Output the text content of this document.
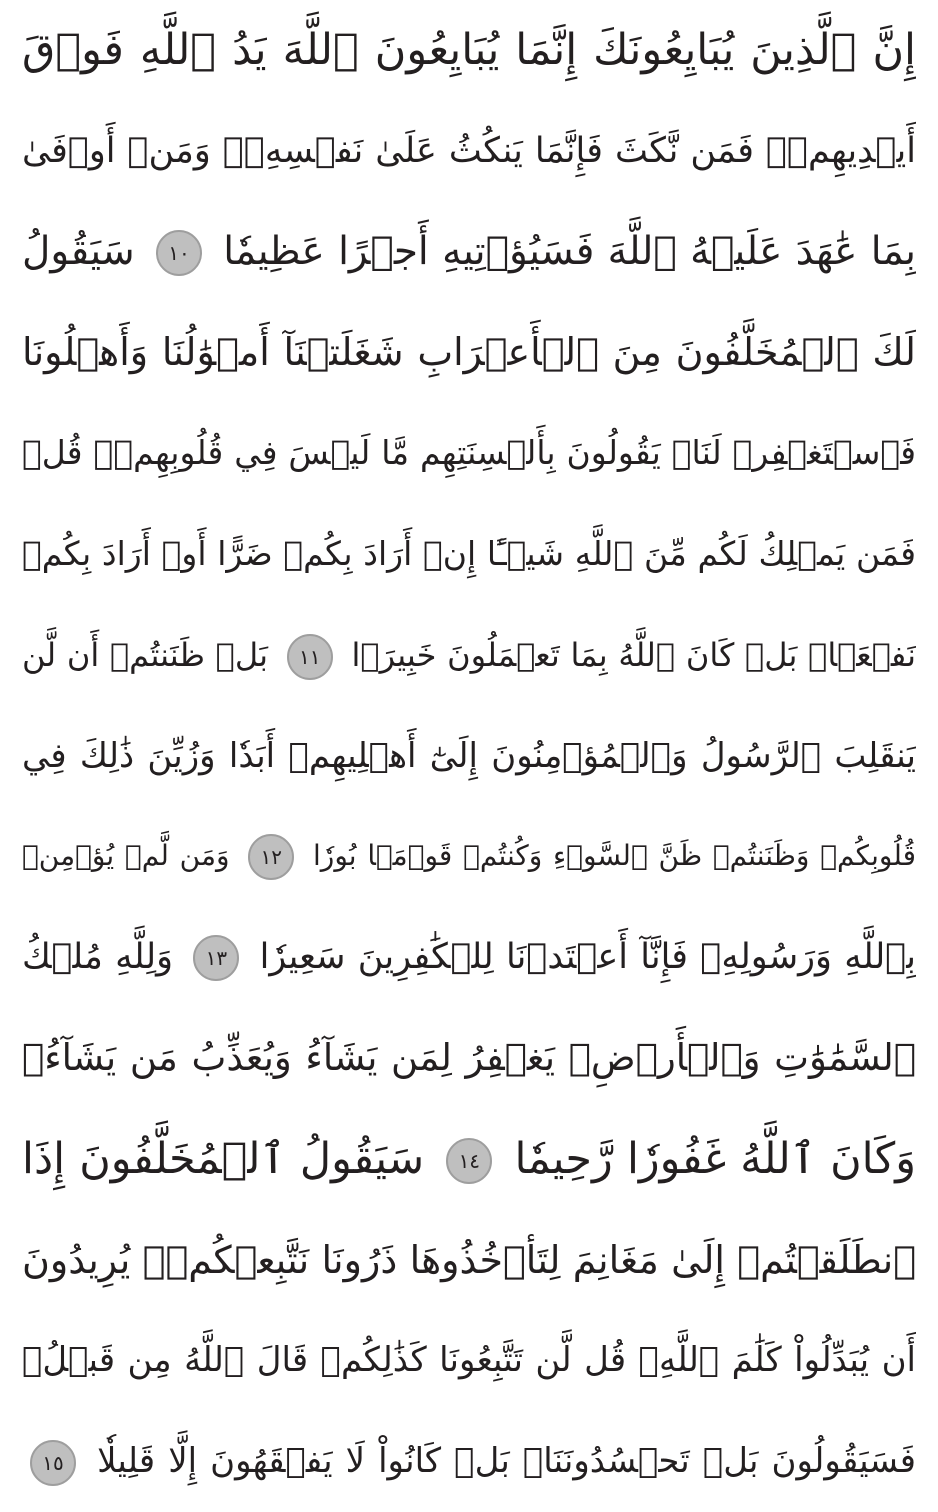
إِنَّ ٱلَّذِينَ يُبَايِعُونَكَ إِنَّمَا يُبَايِعُونَ ٱللَّهَ يَدُ ٱللَّهِ فَوۡقَ
أَيۡدِيهِمۡۚ فَمَن نَّكَثَ فَإِنَّمَا يَنكُثُ عَلَىٰ نَفۡسِهِۦۖ وَمَنۡ أَوۡفَىٰ
بِمَا عَٰهَدَ عَلَيۡهُ ٱللَّهَ فَسَيُؤۡتِيهِ أَجۡرًا عَظِيمٗا ١٠ سَيَقُولُ
لَكَ ٱلۡمُخَلَّفُونَ مِنَ ٱلۡأَعۡرَابِ شَغَلَتۡنَآ أَمۡوَٰلُنَا وَأَهۡلُونَا
فَٱسۡتَغۡفِرۡ لَنَاۚ يَقُولُونَ بِأَلۡسِنَتِهِم مَّا لَيۡسَ فِي قُلُوبِهِمۡۚ قُلۡ
فَمَن يَمۡلِكُ لَكُم مِّنَ ٱللَّهِ شَيۡـًٔا إِنۡ أَرَادَ بِكُمۡ ضَرًّا أَوۡ أَرَادَ بِكُمۡ
نَفۡعَۢاۚ بَلۡ كَانَ ٱللَّهُ بِمَا تَعۡمَلُونَ خَبِيرَۢا ١١ بَلۡ ظَنَنتُمۡ أَن لَّن
يَنقَلِبَ ٱلرَّسُولُ وَٱلۡمُؤۡمِنُونَ إِلَىٰٓ أَهۡلِيهِمۡ أَبَدٗا وَزُيِّنَ ذَٰلِكَ فِي
قُلُوبِكُمۡ وَظَنَنتُمۡ ظَنَّ ٱلسَّوۡءِ وَكُنتُمۡ قَوۡمَۢا بُورٗا ١٢ وَمَن لَّمۡ يُؤۡمِنۢ
بِٱللَّهِ وَرَسُولِهِۦ فَإِنَّآ أَعۡتَدۡنَا لِلۡكَٰفِرِينَ سَعِيرٗا ١٣ وَلِلَّهِ مُلۡكُ
ٱلسَّمَٰوَٰتِ وَٱلۡأَرۡضِۚ يَغۡفِرُ لِمَن يَشَآءُ وَيُعَذِّبُ مَن يَشَآءُۚ
وَكَانَ ٱللَّهُ غَفُورٗا رَّحِيمٗا ١٤ سَيَقُولُ ٱلۡمُخَلَّفُونَ إِذَا
ٱنطَلَقۡتُمۡ إِلَىٰ مَغَانِمَ لِتَأۡخُذُوهَا ذَرُونَا نَتَّبِعۡكُمۡۖ يُرِيدُونَ
أَن يُبَدِّلُواْ كَلَٰمَ ٱللَّهِۚ قُل لَّن تَتَّبِعُونَا كَذَٰلِكُمۡ قَالَ ٱللَّهُ مِن قَبۡلُۖ
فَسَيَقُولُونَ بَلۡ تَحۡسُدُونَنَاۚ بَلۡ كَانُواْ لَا يَفۡقَهُونَ إِلَّا قَلِيلٗا ١٥
